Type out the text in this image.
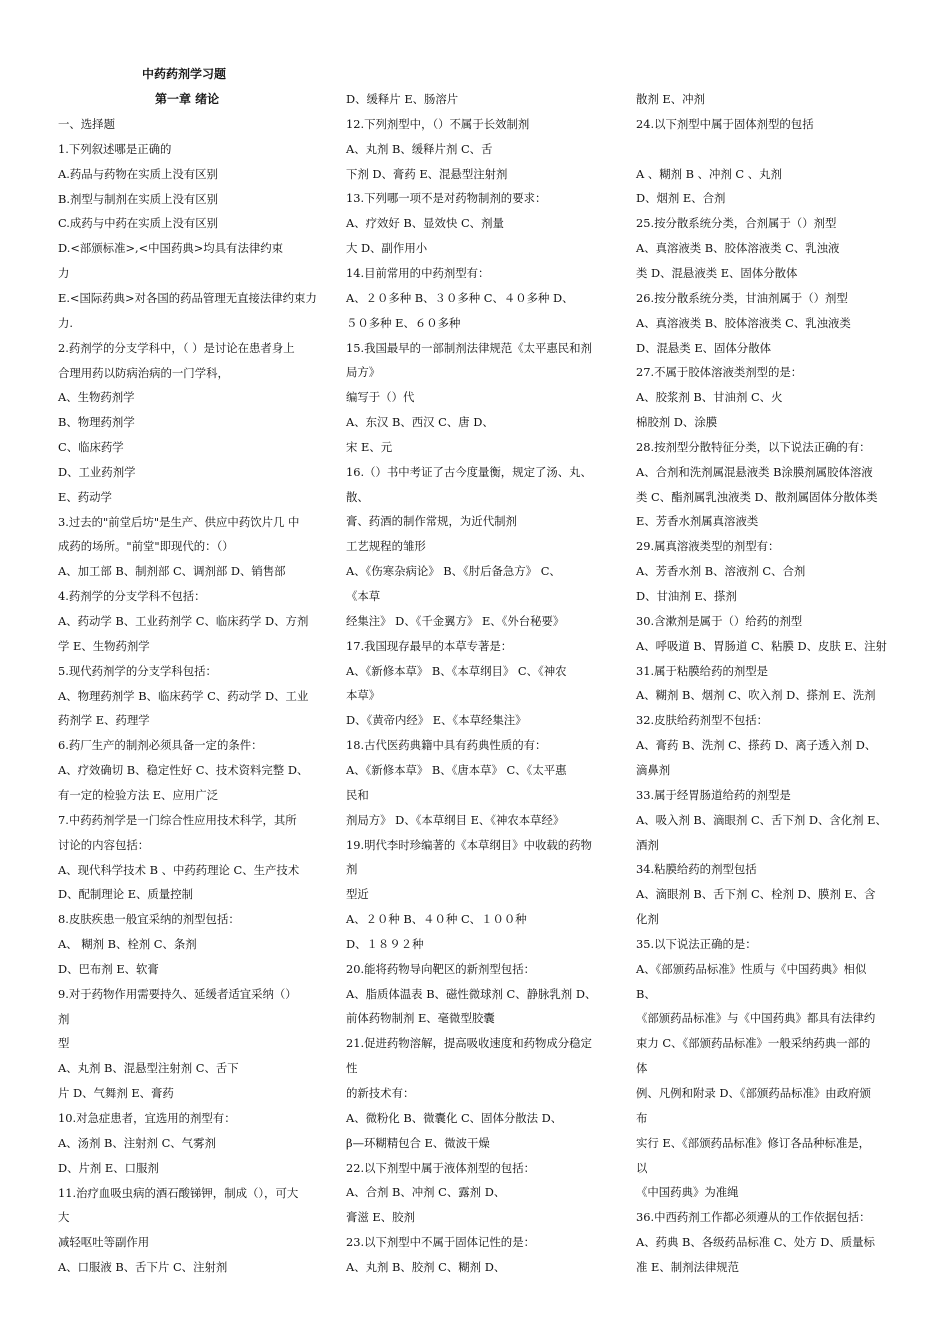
中药药剂学习题
第一章 绪论
一、选择题
1.下列叙述哪是正确的
A.药品与药物在实质上没有区别
B.剂型与制剂在实质上没有区别
C.成药与中药在实质上没有区别
D.<部颁标准>,<中国药典>均具有法律约束
力
E.<国际药典>对各国的药品管理无直接法律约束力
力.
2.药剂学的分支学科中，（ ）是讨论在患者身上
合理用药以防病治病的一门学科，
A、生物药剂学
B、物理药剂学
C、临床药学
D、工业药剂学
E、药动学
3.过去的"前堂后坊"是生产、供应中药饮片几 中
成药的场所。"前堂"即现代的：（）
A、加工部 B、制剂部 C、调剂部 D、销售部
4.药剂学的分支学科不包括：
A、药动学 B、工业药剂学 C、临床药学 D、方剂
学 E、生物药剂学
5.现代药剂学的分支学科包括：
A、物理药剂学 B、临床药学 C、药动学 D、工业
药剂学 E、药理学
6.药厂生产的制剂必须具备一定的条件：
A、疗效确切 B、稳定性好 C、技术资料完整 D、
有一定的检验方法 E、应用广泛
7.中药药剂学是一门综合性应用技术科学，其所
讨论的内容包括：
A、现代科学技术 B 、中药药理论 C、生产技术
D、配制理论 E、质量控制
8.皮肤疾患一般宜采纳的剂型包括：
A、 糊剂 B、栓剂 C、条剂
D、巴布剂 E、软膏
9.对于药物作用需要持久、延缓者适宜采纳（）
剂
型
A、丸剂 B、混悬型注射剂 C、舌下
片 D、气舞剂 E、膏药
10.对急症患者，宜选用的剂型有：
A、汤剂 B、注射剂 C、气雾剂
D、片剂 E、口服剂
11.治疗血吸虫病的酒石酸锑钾，制成（），可大
大
减轻呕吐等副作用
A、口服液 B、舌下片 C、注射剂
D、缓释片 E、肠溶片
12.下列剂型中，（）不属于长效制剂
A、丸剂 B、缓释片剂 C、舌
下剂 D、膏药 E、混悬型注射剂
13.下列哪一项不是对药物制剂的要求：
A、疗效好 B、显效快 C、剂量
大 D、副作用小
14.目前常用的中药剂型有：
A、２０多种 B、３０多种 C、４０多种 D、
５０多种 E、６０多种
15.我国最早的一部制剂法律规范《太平惠民和剂
局方》
编写于（）代
A、东汉 B、西汉 C、唐 D、
宋 E、元
16.（）书中考证了古今度量衡，规定了汤、丸、
散、
膏、药酒的制作常规，为近代制剂
工艺规程的雏形
A、《伤寒杂病论》 B、《肘后备急方》 C、
《本草
经集注》 D、《千金翼方》 E、《外台秘要》
17.我国现存最早的本草专著是：
A、《新修本草》 B、《本草纲目》 C、《神农
本草》
D、《黄帝内经》 E、《本草经集注》
18.古代医药典籍中具有药典性质的有：
A、《新修本草》 B、《唐本草》 C、《太平惠
民和
剂局方》 D、《本草纲目 E、《神农本草经》
19.明代李时珍编著的《本草纲目》中收载的药物
剂
型近
A、２０种 B、４０种 C、１００种
D、１８９２种
20.能将药物导向靶区的新剂型包括：
A、脂质体温表 B、磁性微球剂 C、静脉乳剂 D、
前体药物制剂 E、毫微型胶囊
21.促进药物溶解，提高吸收速度和药物成分稳定
性
的新技术有：
A、微粉化 B、微囊化 C、固体分散法 D、
β—环糊精包合 E、微波干燥
22.以下剂型中属于液体剂型的包括：
A、合剂 B、冲剂 C、露剂 D、
膏滋 E、胶剂
23.以下剂型中不属于固体记性的是：
A、丸剂 B、胶剂 C、糊剂 D、
散剂 E、冲剂
24.以下剂型中属于固体剂型的包括
A 、糊剂 B 、冲剂 C 、丸剂
D、烟剂 E、合剂
25.按分散系统分类，合剂属于（）剂型
A、真溶液类 B、胶体溶液类 C、乳浊液
类 D、混悬液类 E、固体分散体
26.按分散系统分类，甘油剂属于（）剂型
A、真溶液类 B、胶体溶液类 C、乳浊液类
D、混悬类 E、固体分散体
27.不属于胶体溶液类剂型的是：
A、胶浆剂 B、甘油剂 C、火
棉胶剂 D、涂膜
28.按剂型分散特征分类，以下说法正确的有：
A、合剂和洗剂属混悬液类 B涂膜剂属胶体溶液
类 C、酯剂属乳浊液类 D、散剂属固体分散体类
E、芳香水剂属真溶液类
29.属真溶液类型的剂型有：
A、芳香水剂 B、溶液剂 C、合剂
D、甘油剂 E、搽剂
30.含漱剂是属于（）给药的剂型
A、呼吸道 B、胃肠道 C、粘膜 D、皮肤 E、注射
31.属于粘膜给药的剂型是
A、糊剂 B、烟剂 C、吹入剂 D、搽剂 E、洗剂
32.皮肤给药剂型不包括：
A、膏药 B、洗剂 C、搽药 D、离子透入剂 D、
滴鼻剂
33.属于经胃肠道给药的剂型是
A、吸入剂 B、滴眼剂 C、舌下剂 D、含化剂 E、
酒剂
34.粘膜给药的剂型包括
A、滴眼剂 B、舌下剂 C、栓剂 D、膜剂 E、含
化剂
35.以下说法正确的是：
A、《部颁药品标准》性质与《中国药典》相似
B、
《部颁药品标准》与《中国药典》都具有法律约
束力 C、《部颁药品标准》一般采纳药典一部的
体
例、凡例和附录 D、《部颁药品标准》由政府颁
布
实行 E、《部颁药品标准》修订各品种标准是，
以
《中国药典》为准绳
36.中西药剂工作都必须遵从的工作依据包括：
A、药典 B、各级药品标准 C、处方 D、质量标
准 E、制剂法律规范
